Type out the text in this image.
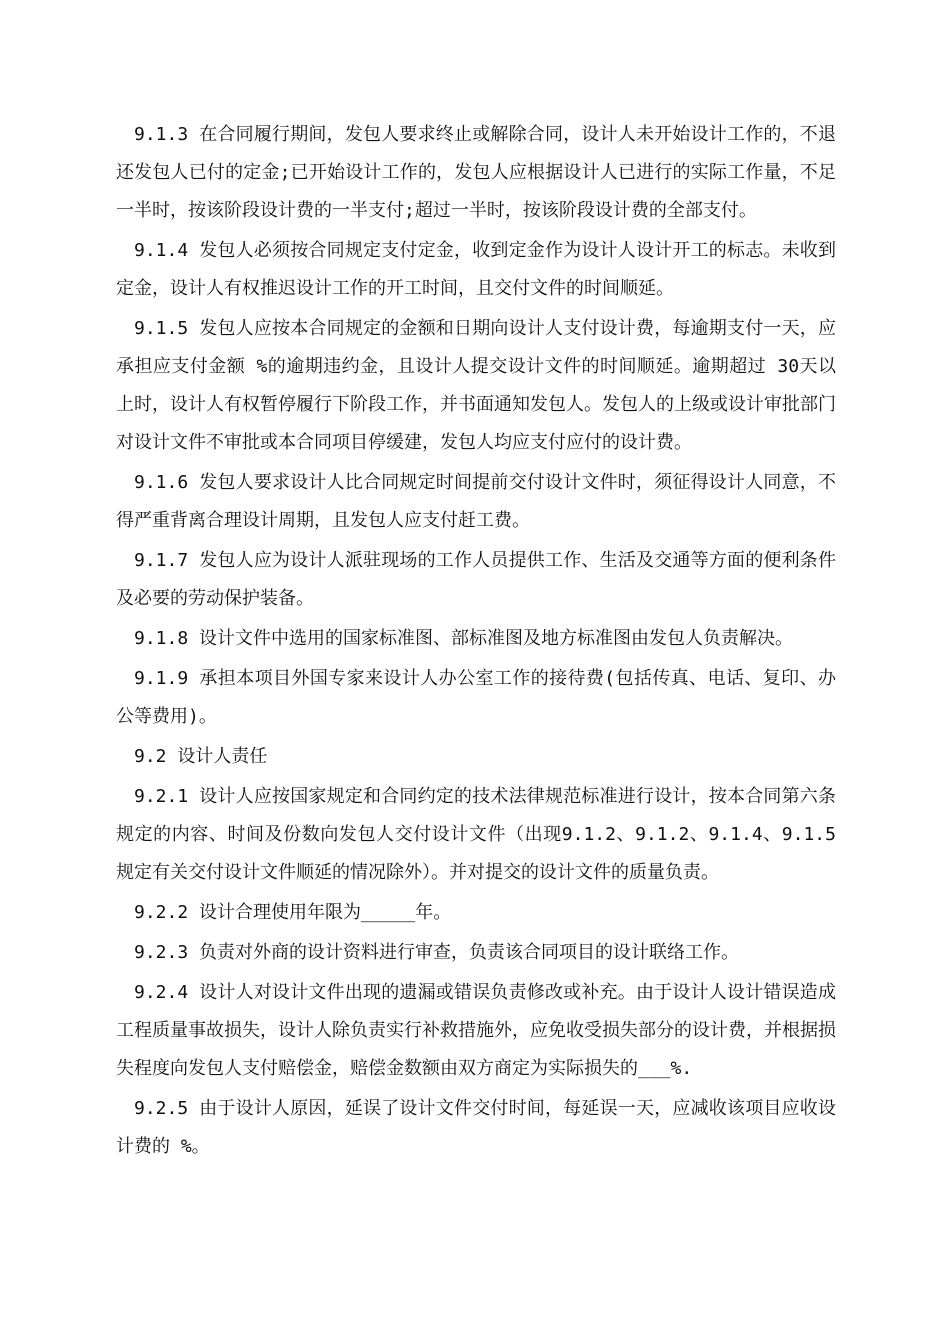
9.1.3 在合同履行期间，发包人要求终止或解除合同，设计人未开始设计工作的，不退还发包人已付的定金;已开始设计工作的，发包人应根据设计人已进行的实际工作量，不足一半时，按该阶段设计费的一半支付;超过一半时，按该阶段设计费的全部支付。

9.1.4 发包人必须按合同规定支付定金，收到定金作为设计人设计开工的标志。未收到定金，设计人有权推迟设计工作的开工时间，且交付文件的时间顺延。

9.1.5 发包人应按本合同规定的金额和日期向设计人支付设计费，每逾期支付一天，应承担应支付金额 %的逾期违约金，且设计人提交设计文件的时间顺延。逾期超过 30天以上时，设计人有权暂停履行下阶段工作，并书面通知发包人。发包人的上级或设计审批部门对设计文件不审批或本合同项目停缓建，发包人均应支付应付的设计费。

9.1.6 发包人要求设计人比合同规定时间提前交付设计文件时，须征得设计人同意，不得严重背离合理设计周期，且发包人应支付赶工费。

9.1.7 发包人应为设计人派驻现场的工作人员提供工作、生活及交通等方面的便利条件及必要的劳动保护装备。

9.1.8 设计文件中选用的国家标准图、部标准图及地方标准图由发包人负责解决。

9.1.9 承担本项目外国专家来设计人办公室工作的接待费(包括传真、电话、复印、办公等费用)。

9.2 设计人责任

9.2.1 设计人应按国家规定和合同约定的技术法律规范标准进行设计，按本合同第六条规定的内容、时间及份数向发包人交付设计文件（出现9.1.2、9.1.2、9.1.4、9.1.5规定有关交付设计文件顺延的情况除外）。并对提交的设计文件的质量负责。

9.2.2 设计合理使用年限为_____年。

9.2.3 负责对外商的设计资料进行审查，负责该合同项目的设计联络工作。

9.2.4 设计人对设计文件出现的遗漏或错误负责修改或补充。由于设计人设计错误造成工程质量事故损失，设计人除负责实行补救措施外，应免收受损失部分的设计费，并根据损失程度向发包人支付赔偿金，赔偿金数额由双方商定为实际损失的___%.

9.2.5 由于设计人原因，延误了设计文件交付时间，每延误一天，应减收该项目应收设计费的 %。
